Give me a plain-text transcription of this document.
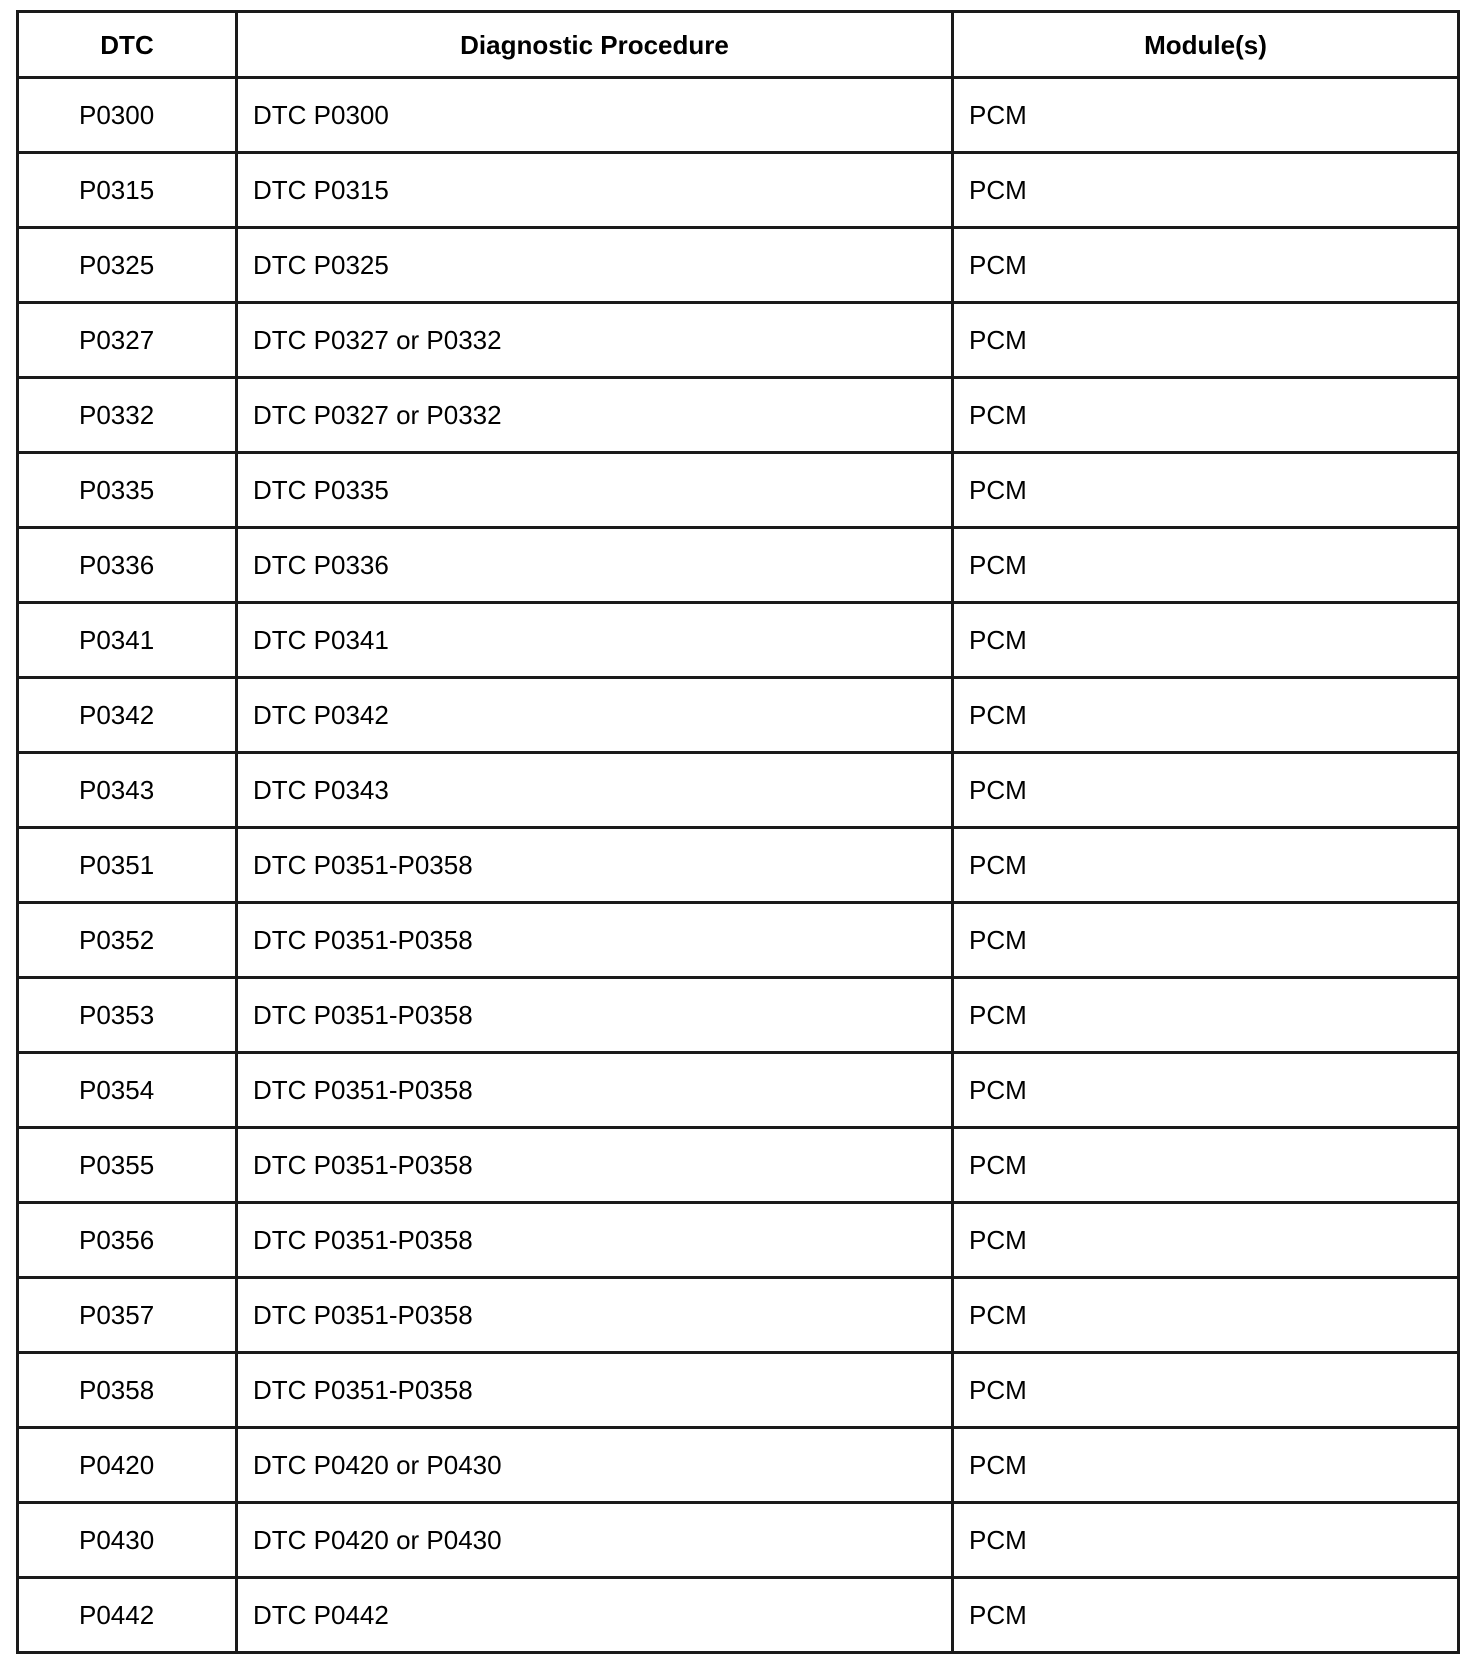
DTC	Diagnostic Procedure	Module(s)
P0300	DTC P0300	PCM
P0315	DTC P0315	PCM
P0325	DTC P0325	PCM
P0327	DTC P0327 or P0332	PCM
P0332	DTC P0327 or P0332	PCM
P0335	DTC P0335	PCM
P0336	DTC P0336	PCM
P0341	DTC P0341	PCM
P0342	DTC P0342	PCM
P0343	DTC P0343	PCM
P0351	DTC P0351-P0358	PCM
P0352	DTC P0351-P0358	PCM
P0353	DTC P0351-P0358	PCM
P0354	DTC P0351-P0358	PCM
P0355	DTC P0351-P0358	PCM
P0356	DTC P0351-P0358	PCM
P0357	DTC P0351-P0358	PCM
P0358	DTC P0351-P0358	PCM
P0420	DTC P0420 or P0430	PCM
P0430	DTC P0420 or P0430	PCM
P0442	DTC P0442	PCM
